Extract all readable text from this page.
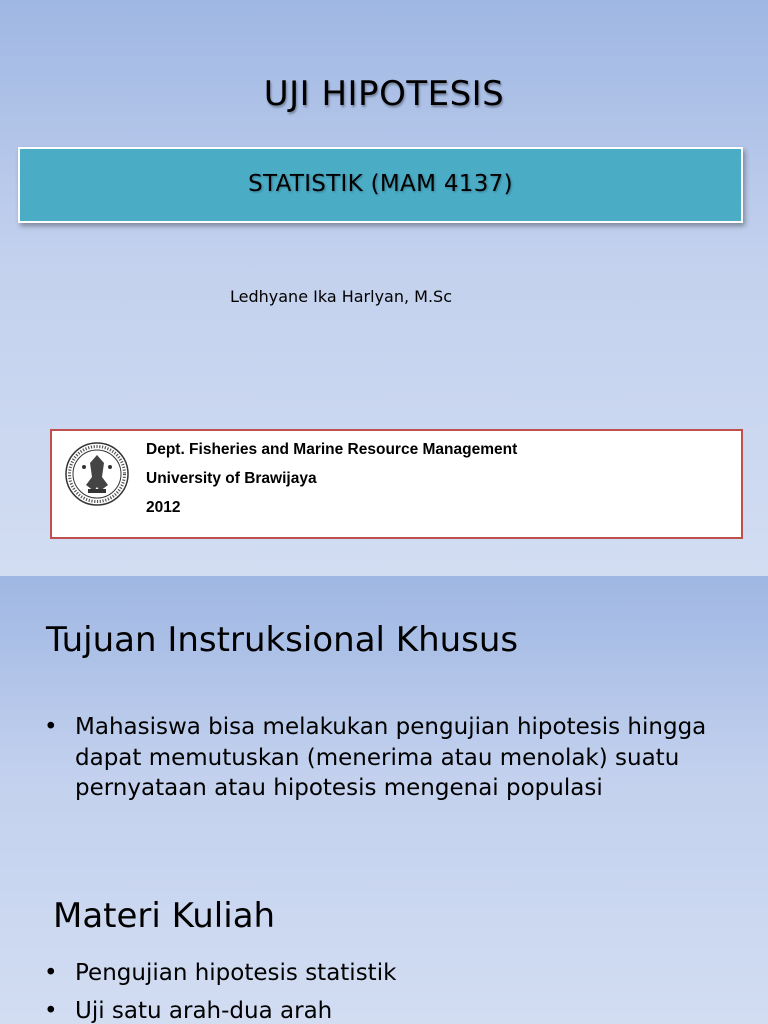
UJI HIPOTESIS
STATISTIK (MAM 4137)
Ledhyane Ika Harlyan, M.Sc
Dept. Fisheries and Marine Resource Management
University of Brawijaya
2012
Tujuan Instruksional Khusus
• Mahasiswa bisa melakukan pengujian hipotesis hingga dapat memutuskan (menerima atau menolak) suatu pernyataan atau hipotesis mengenai populasi
Materi Kuliah
• Pengujian hipotesis statistik
• Uji satu arah-dua arah
